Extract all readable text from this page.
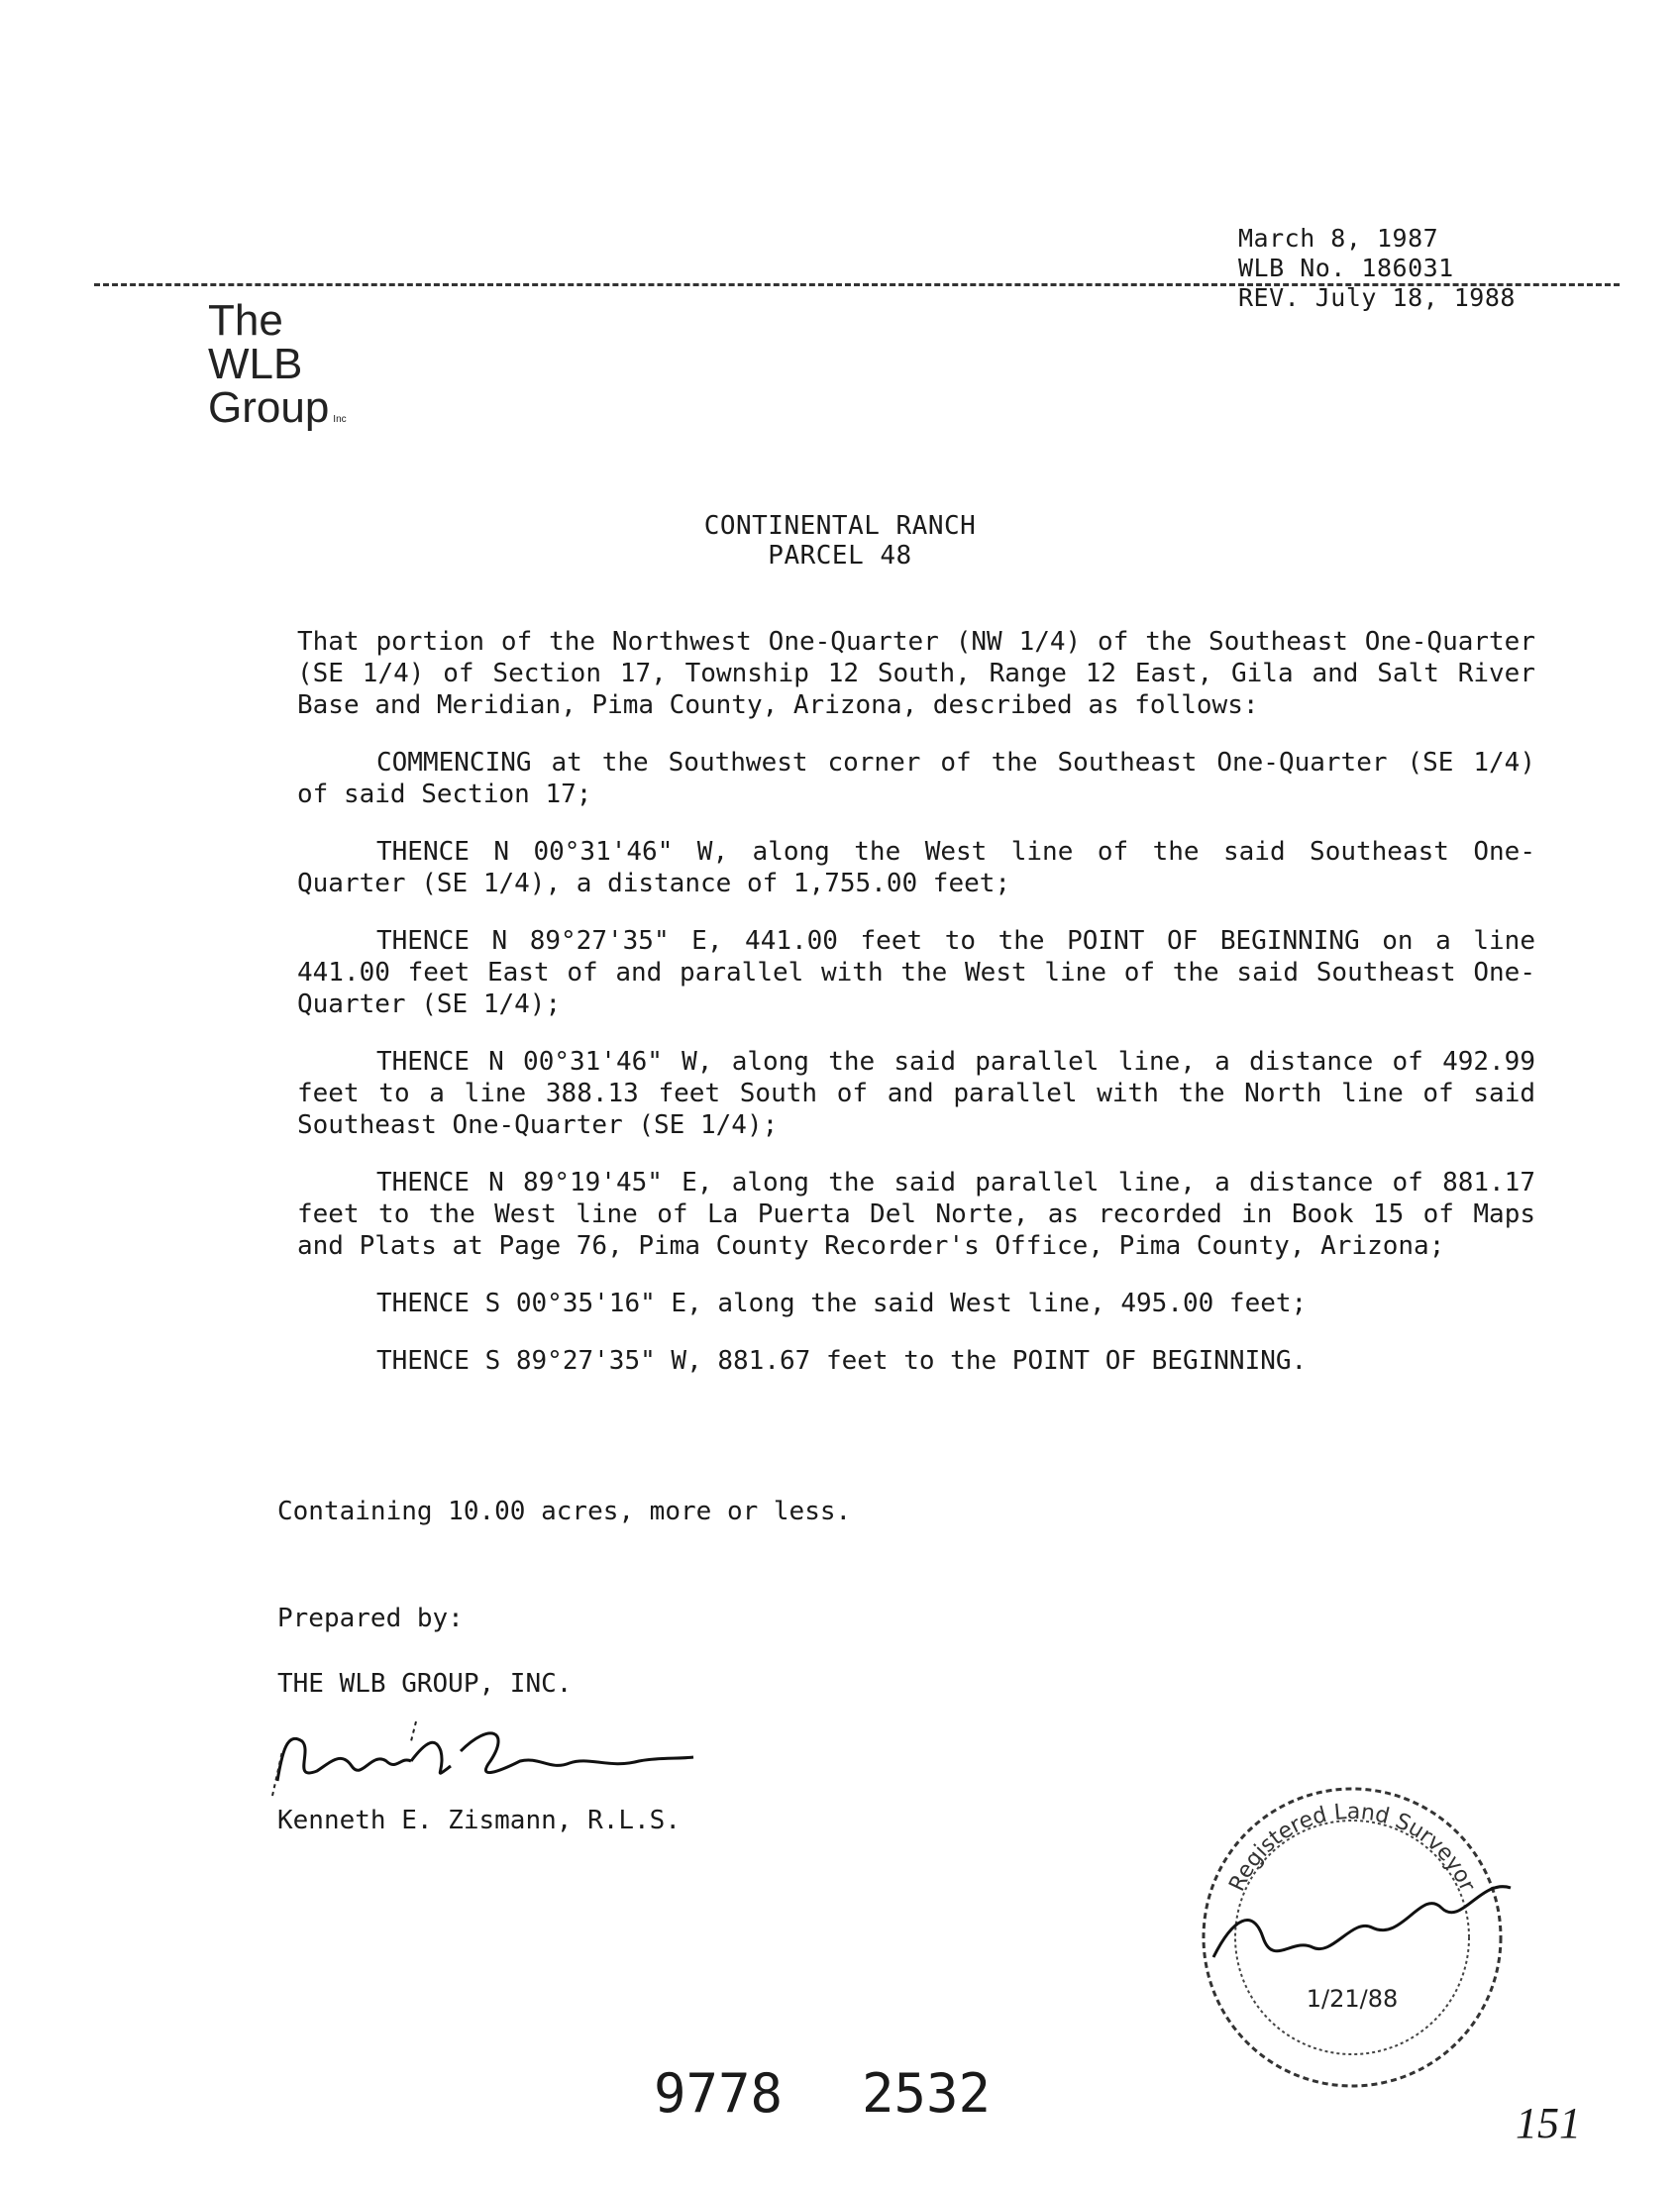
March 8, 1987
WLB No. 186031
REV. July 18, 1988
The
WLB
Group Inc
CONTINENTAL RANCH
PARCEL 48

That portion of the Northwest One-Quarter (NW 1/4) of the Southeast One-Quarter (SE 1/4) of Section 17, Township 12 South, Range 12 East, Gila and Salt River Base and Meridian, Pima County, Arizona, described as follows:

COMMENCING at the Southwest corner of the Southeast One-Quarter (SE 1/4) of said Section 17;

THENCE N 00°31'46" W, along the West line of the said Southeast One-Quarter (SE 1/4), a distance of 1,755.00 feet;

THENCE N 89°27'35" E, 441.00 feet to the POINT OF BEGINNING on a line 441.00 feet East of and parallel with the West line of the said Southeast One-Quarter (SE 1/4);

THENCE N 00°31'46" W, along the said parallel line, a distance of 492.99 feet to a line 388.13 feet South of and parallel with the North line of said Southeast One-Quarter (SE 1/4);

THENCE N 89°19'45" E, along the said parallel line, a distance of 881.17 feet to the West line of La Puerta Del Norte, as recorded in Book 15 of Maps and Plats at Page 76, Pima County Recorder's Office, Pima County, Arizona;

THENCE S 00°35'16" E, along the said West line, 495.00 feet;

THENCE S 89°27'35" W, 881.67 feet to the POINT OF BEGINNING.

Containing 10.00 acres, more or less.

Prepared by:
THE WLB GROUP, INC.
Kenneth E. Zismann, R.L.S.
Registered Land Surveyor
1/21/88
9778 2532	151
